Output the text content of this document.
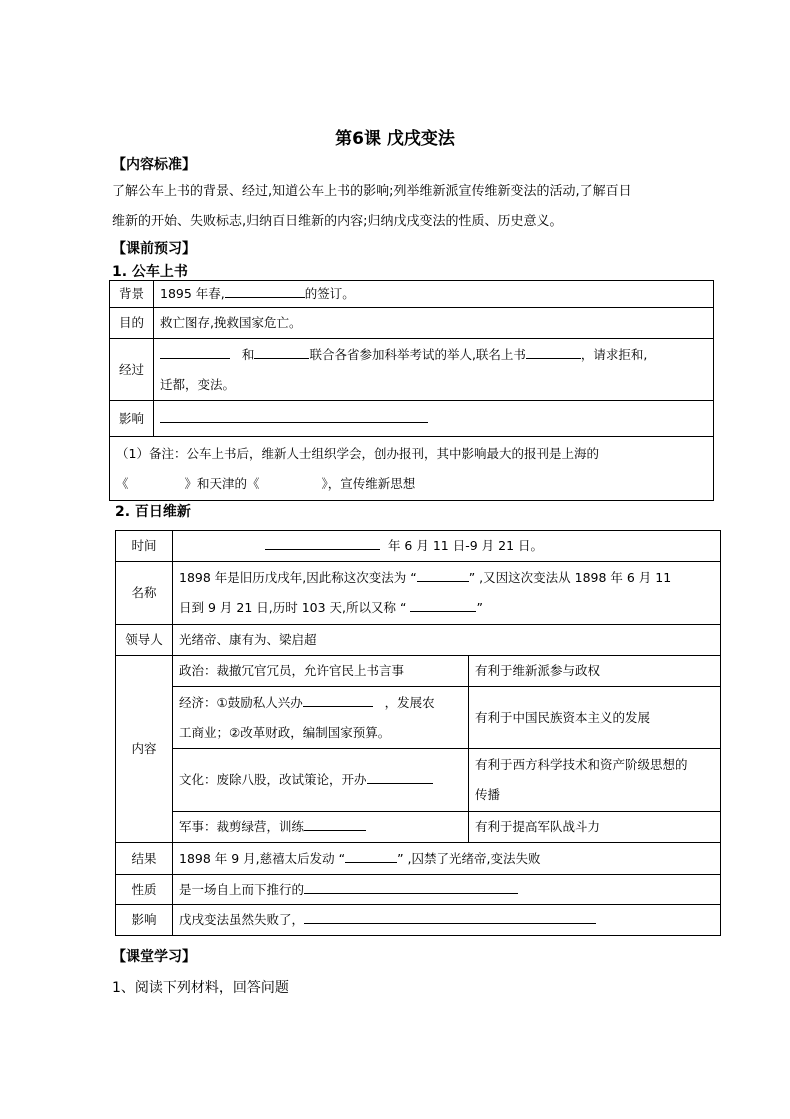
第6课 戊戌变法
【内容标准】
了解公车上书的背景、经过,知道公车上书的影响;列举维新派宣传维新变法的活动,了解百日
维新的开始、失败标志,归纳百日维新的内容;归纳戊戌变法的性质、历史意义。
【课前预习】
1. 公车上书
背景	1895 年春, 的签订。
目的	救亡图存,挽救国家危亡。
经过	和 联合各省参加科举考试的举人,联名上书 ，请求拒和,
迁都，变法。
影响	
（1）备注：公车上书后，维新人士组织学会，创办报刊，其中影响最大的报刊是上海的
《 》和天津的《 》，宣传维新思想	
2. 百日维新
时间	年 6 月 11 日-9 月 21 日。	
名称	1898 年是旧历戊戌年,因此称这次变法为 “ ” ,又因这次变法从 1898 年 6 月 11
日到 9 月 21 日,历时 103 天,所以又称 “ ”	
领导人	光绪帝、康有为、梁启超	
内容	政治：裁撤冗官冗员，允许官民上书言事	有利于维新派参与政权
	经济：①鼓励私人兴办 ，发展农
工商业；②改革财政，编制国家预算。	有利于中国民族资本主义的发展
	文化：废除八股，改试策论，开办	有利于西方科学技术和资产阶级思想的
传播
	军事：裁剪绿营，训练	有利于提高军队战斗力
结果	1898 年 9 月,慈禧太后发动 “ ” ,囚禁了光绪帝,变法失败	
性质	是一场自上而下推行的	
影响	戊戌变法虽然失败了，	
【课堂学习】
1、阅读下列材料，回答问题
